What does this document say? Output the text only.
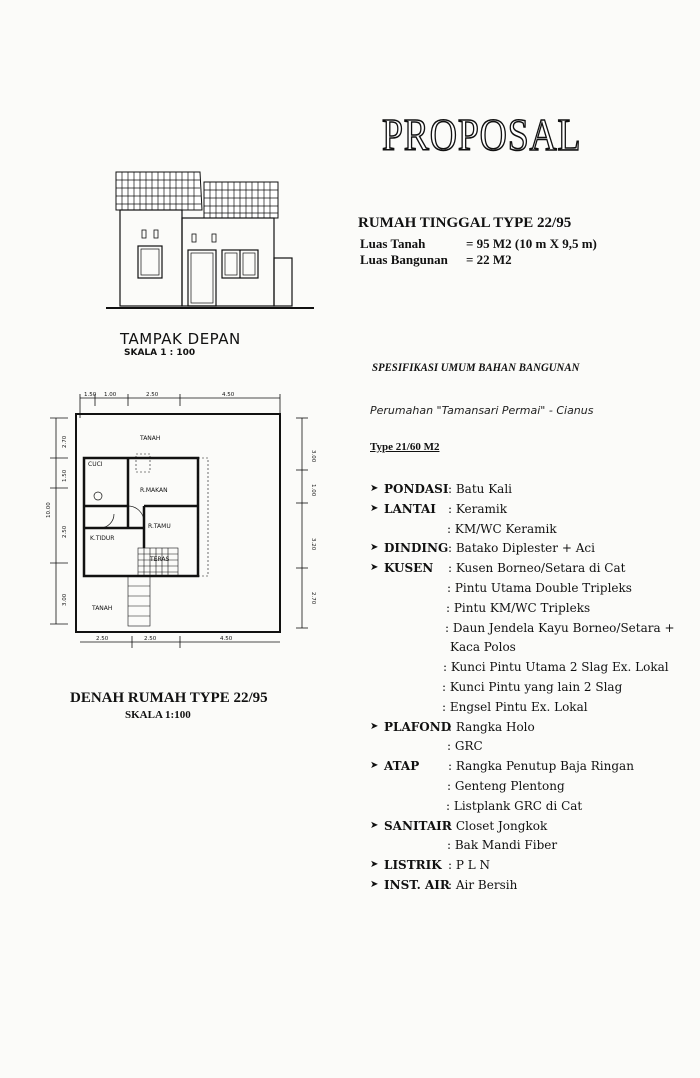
PROPOSAL
RUMAH TINGGAL TYPE 22/95
Luas Tanah	= 95 M2 (10 m X 9,5 m)
Luas Bangunan = 22 M2
TAMPAK DEPAN
SKALA 1 : 100
TANAH
CUCI
R.MAKAN
R.TAMU
K.TIDUR
TERAS
TANAH
1.50 1.00	2.50	4.50
2.50	2.50	4.50
2.70
1.50
10.00
2.50
3.00
3.00
1.00
3.20
2.70
DENAH RUMAH TYPE 22/95
SKALA 1:100
SPESIFIKASI UMUM BAHAN BANGUNAN
Perumahan "Tamansari Permai" - Cianus
Type 21/60 M2
➤ PONDASI : Batu Kali
➤ LANTAI : Keramik
: KM/WC Keramik
➤ DINDING : Batako Diplester + Aci
➤ KUSEN : Kusen Borneo/Setara di Cat
: Pintu Utama Double Tripleks
: Pintu KM/WC Tripleks
: Daun Jendela Kayu Borneo/Setara +
Kaca Polos
: Kunci Pintu Utama 2 Slag Ex. Lokal
: Kunci Pintu yang lain 2 Slag
: Engsel Pintu Ex. Lokal
➤ PLAFOND
: Rangka Holo
: GRC
➤ ATAP : Rangka Penutup Baja Ringan
: Genteng Plentong
: Listplank GRC di Cat
➤ SANITAIR
: Closet Jongkok
: Bak Mandi Fiber
➤ LISTRIK : P L N
➤ INST. AIR
: Air Bersih
